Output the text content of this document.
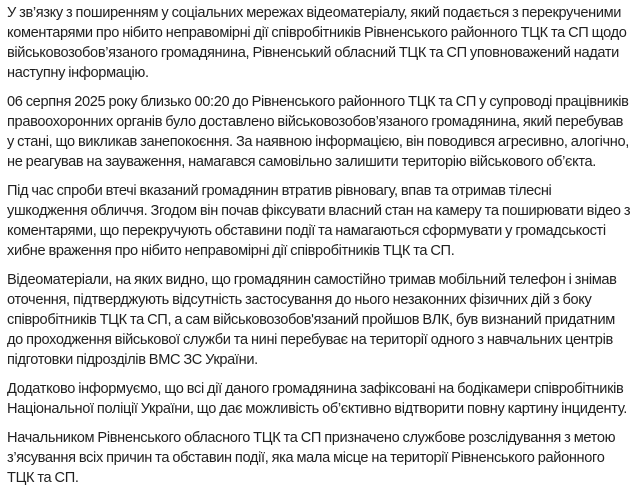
У зв’язку з поширенням у соціальних мережах відеоматеріалу, який подається з перекрученими коментарями про нібито неправомірні дії співробітників Рівненського районного ТЦК та СП щодо військовозобов’язаного громадянина, Рівненський обласний ТЦК та СП уповноважений надати наступну інформацію.

06 серпня 2025 року близько 00:20 до Рівненського районного ТЦК та СП у супроводі працівників правоохоронних органів було доставлено військовозобов’язаного громадянина, який перебував у стані, що викликав занепокоєння. За наявною інформацією, він поводився агресивно, алогічно, не реагував на зауваження, намагався самовільно залишити територію військового об’єкта.

Під час спроби втечі вказаний громадянин втратив рівновагу, впав та отримав тілесні ушкодження обличчя. Згодом він почав фіксувати власний стан на камеру та поширювати відео з коментарями, що перекручують обставини події та намагаються сформувати у громадськості хибне враження про нібито неправомірні дії співробітників ТЦК та СП.

Відеоматеріали, на яких видно, що громадянин самостійно тримав мобільний телефон і знімав оточення, підтверджують відсутність застосування до нього незаконних фізичних дій з боку співробітників ТЦК та СП, а сам військовозобов'язаний пройшов ВЛК, був визнаний придатним до проходження військової служби та нині перебуває на території одного з навчальних центрів підготовки підрозділів ВМС ЗС України.

Додатково інформуємо, що всі дії даного громадянина зафіксовані на бодікамери співробітників Національної поліції України, що дає можливість об’єктивно відтворити повну картину інциденту.

Начальником Рівненського обласного ТЦК та СП призначено службове розслідування з метою з’ясування всіх причин та обставин події, яка мала місце на території Рівненського районного ТЦК та СП.
